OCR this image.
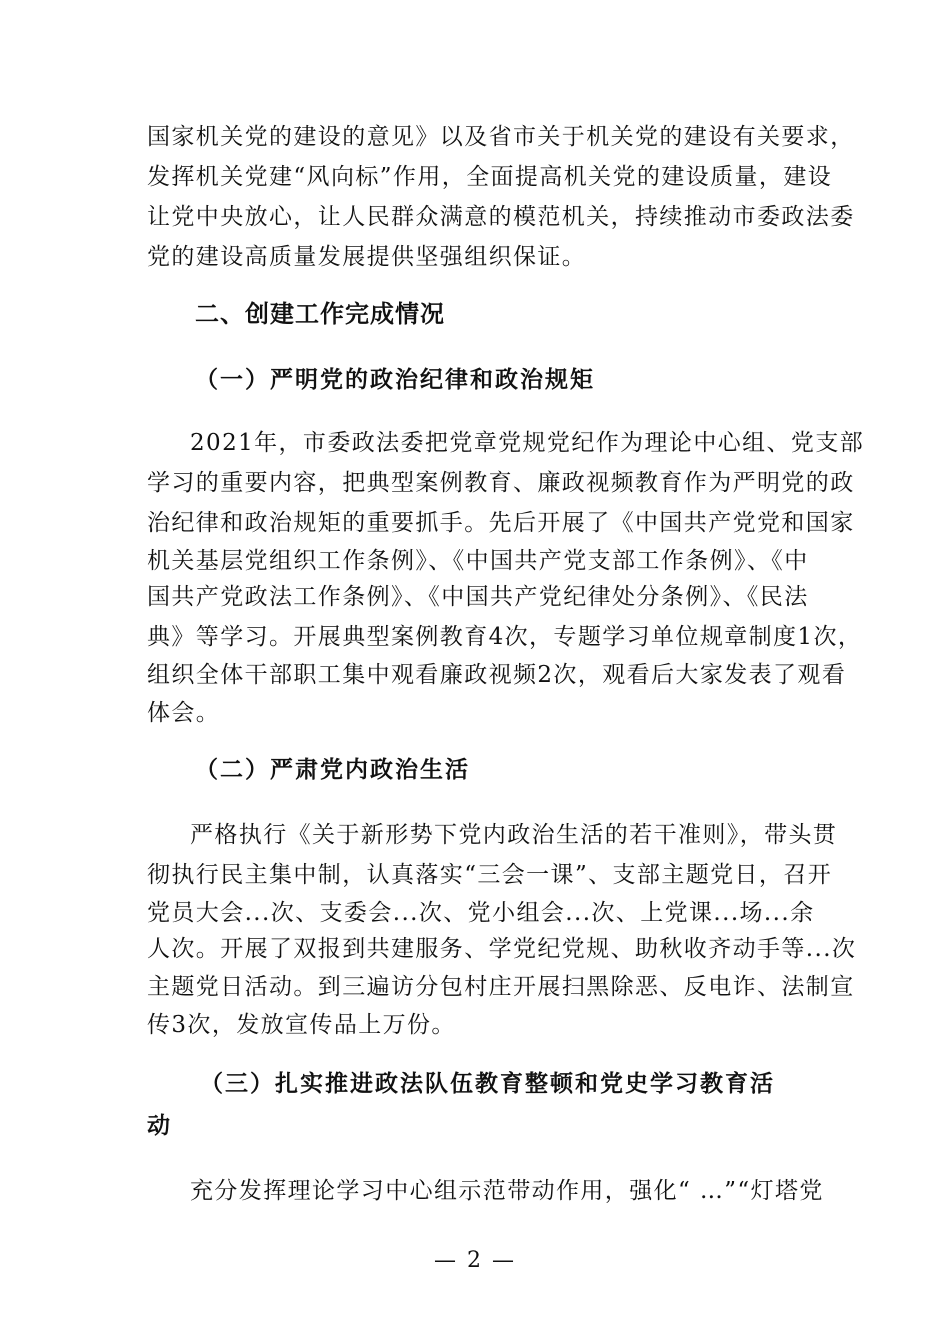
国家机关党的建设的意见》以及省市关于机关党的建设有关要求，
发挥机关党建“风向标”作用，全面提高机关党的建设质量，建设
让党中央放心，让人民群众满意的模范机关，持续推动市委政法委
党的建设高质量发展提供坚强组织保证。
二、创建工作完成情况
（一）严明党的政治纪律和政治规矩
2021年，市委政法委把党章党规党纪作为理论中心组、党支部
学习的重要内容，把典型案例教育、廉政视频教育作为严明党的政
治纪律和政治规矩的重要抓手。先后开展了《中国共产党党和国家
机关基层党组织工作条例》、《中国共产党支部工作条例》、《中
国共产党政法工作条例》、《中国共产党纪律处分条例》、《民法
典》等学习。开展典型案例教育4次，专题学习单位规章制度1次，
组织全体干部职工集中观看廉政视频2次，观看后大家发表了观看
体会。
（二）严肃党内政治生活
严格执行《关于新形势下党内政治生活的若干准则》，带头贯
彻执行民主集中制，认真落实“三会一课”、支部主题党日，召开
党员大会...次、支委会...次、党小组会...次、上党课...场...余
人次。开展了双报到共建服务、学党纪党规、助秋收齐动手等...次
主题党日活动。到三遍访分包村庄开展扫黑除恶、反电诈、法制宣
传3次，发放宣传品上万份。
（三）扎实推进政法队伍教育整顿和党史学习教育活
动
充分发挥理论学习中心组示范带动作用，强化“ …”“灯塔党
— 2 —
